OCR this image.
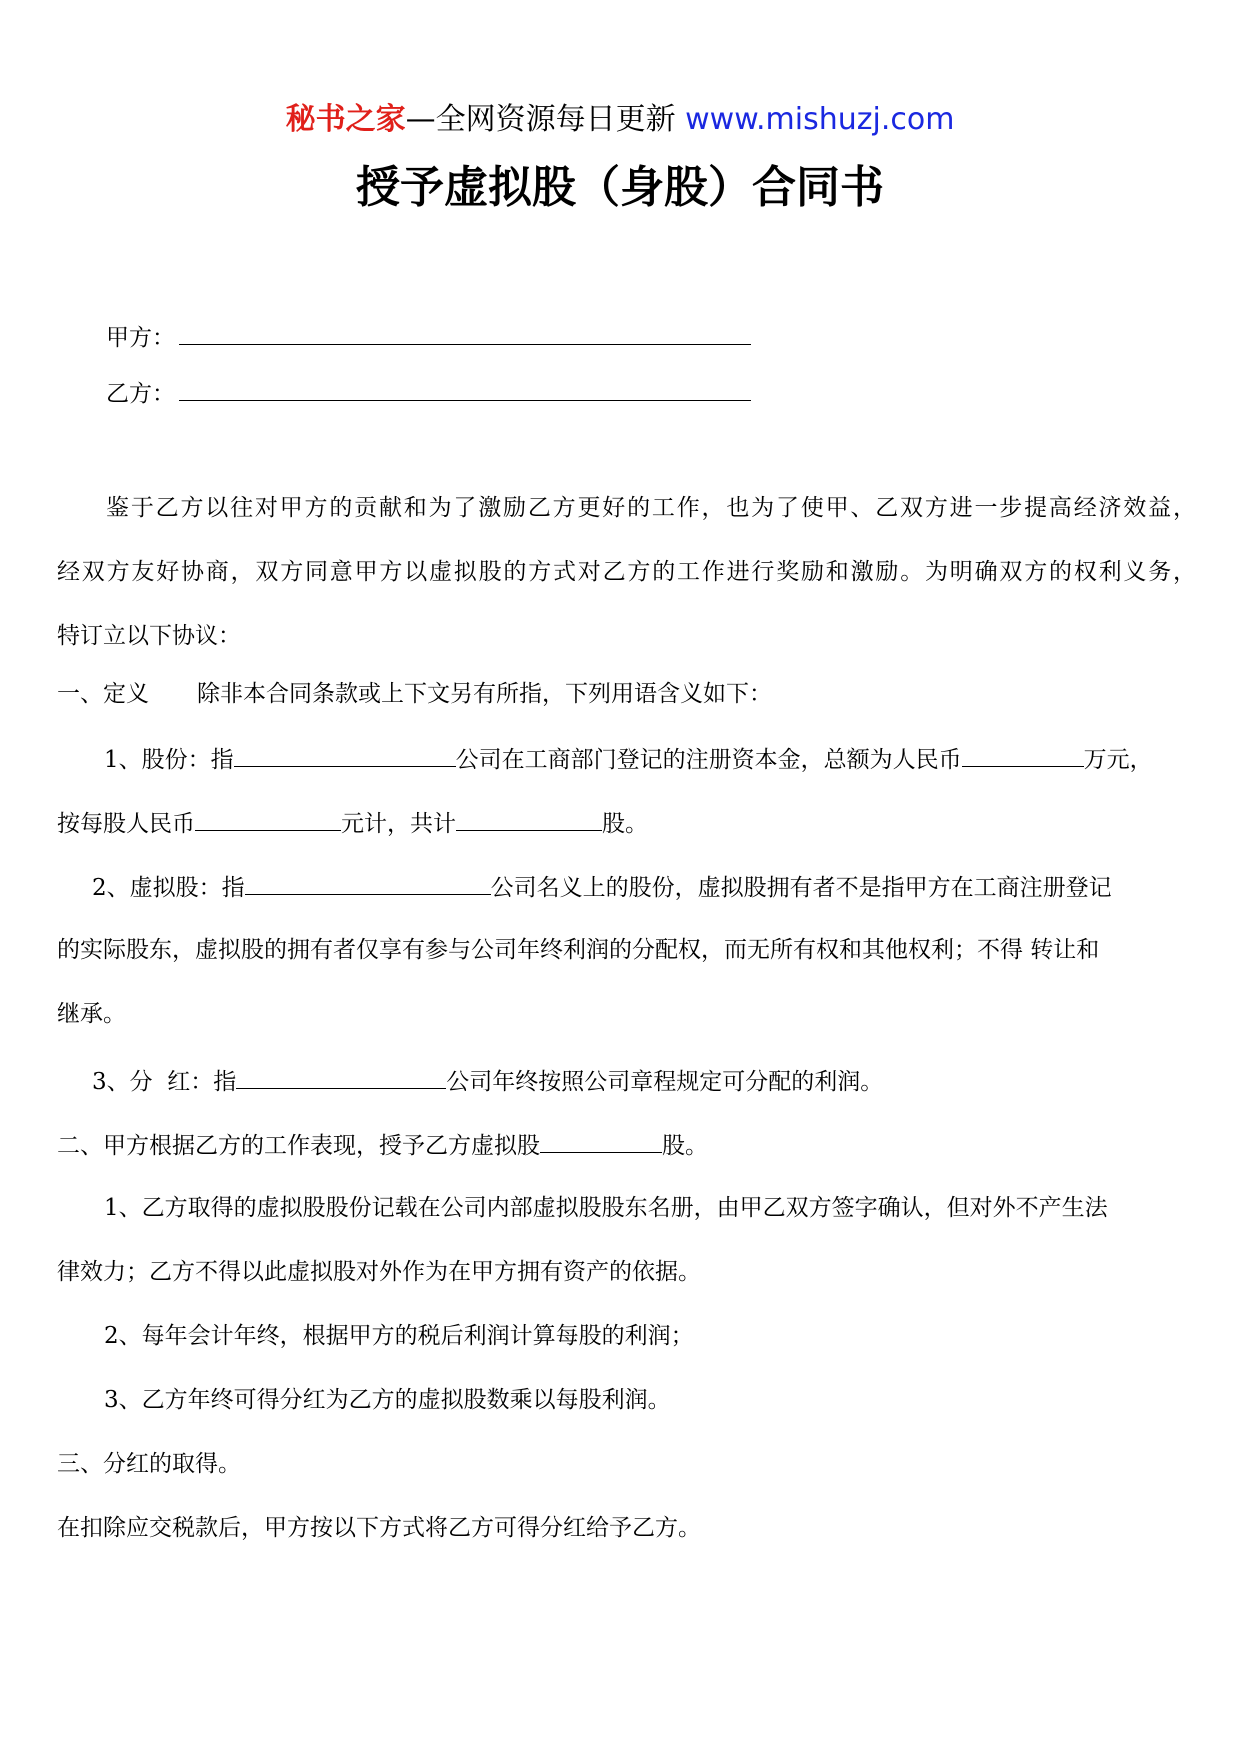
秘书之家—全网资源每日更新 www.mishuzj.com
授予虚拟股（身股）合同书
甲方：
乙方：
鉴于乙方以往对甲方的贡献和为了激励乙方更好的工作，也为了使甲、乙双方进一步提高经济效益，
经双方友好协商，双方同意甲方以虚拟股的方式对乙方的工作进行奖励和激励。为明确双方的权利义务，
特订立以下协议：
一、定义 除非本合同条款或上下文另有所指，下列用语含义如下：
1、股份：指	公司在工商部门登记的注册资本金，总额为人民币	万元，
按每股人民币	元计，共计	股。
2、虚拟股：指	公司名义上的股份，虚拟股拥有者不是指甲方在工商注册登记
的实际股东，虚拟股的拥有者仅享有参与公司年终利润的分配权，而无所有权和其他权利；不得 转让和
继承。
3、分  红：指	公司年终按照公司章程规定可分配的利润。
二、甲方根据乙方的工作表现，授予乙方虚拟股	股。
1、乙方取得的虚拟股股份记载在公司内部虚拟股股东名册，由甲乙双方签字确认，但对外不产生法
律效力；乙方不得以此虚拟股对外作为在甲方拥有资产的依据。
2、每年会计年终，根据甲方的税后利润计算每股的利润；
3、乙方年终可得分红为乙方的虚拟股数乘以每股利润。
三、分红的取得。
在扣除应交税款后，甲方按以下方式将乙方可得分红给予乙方。
